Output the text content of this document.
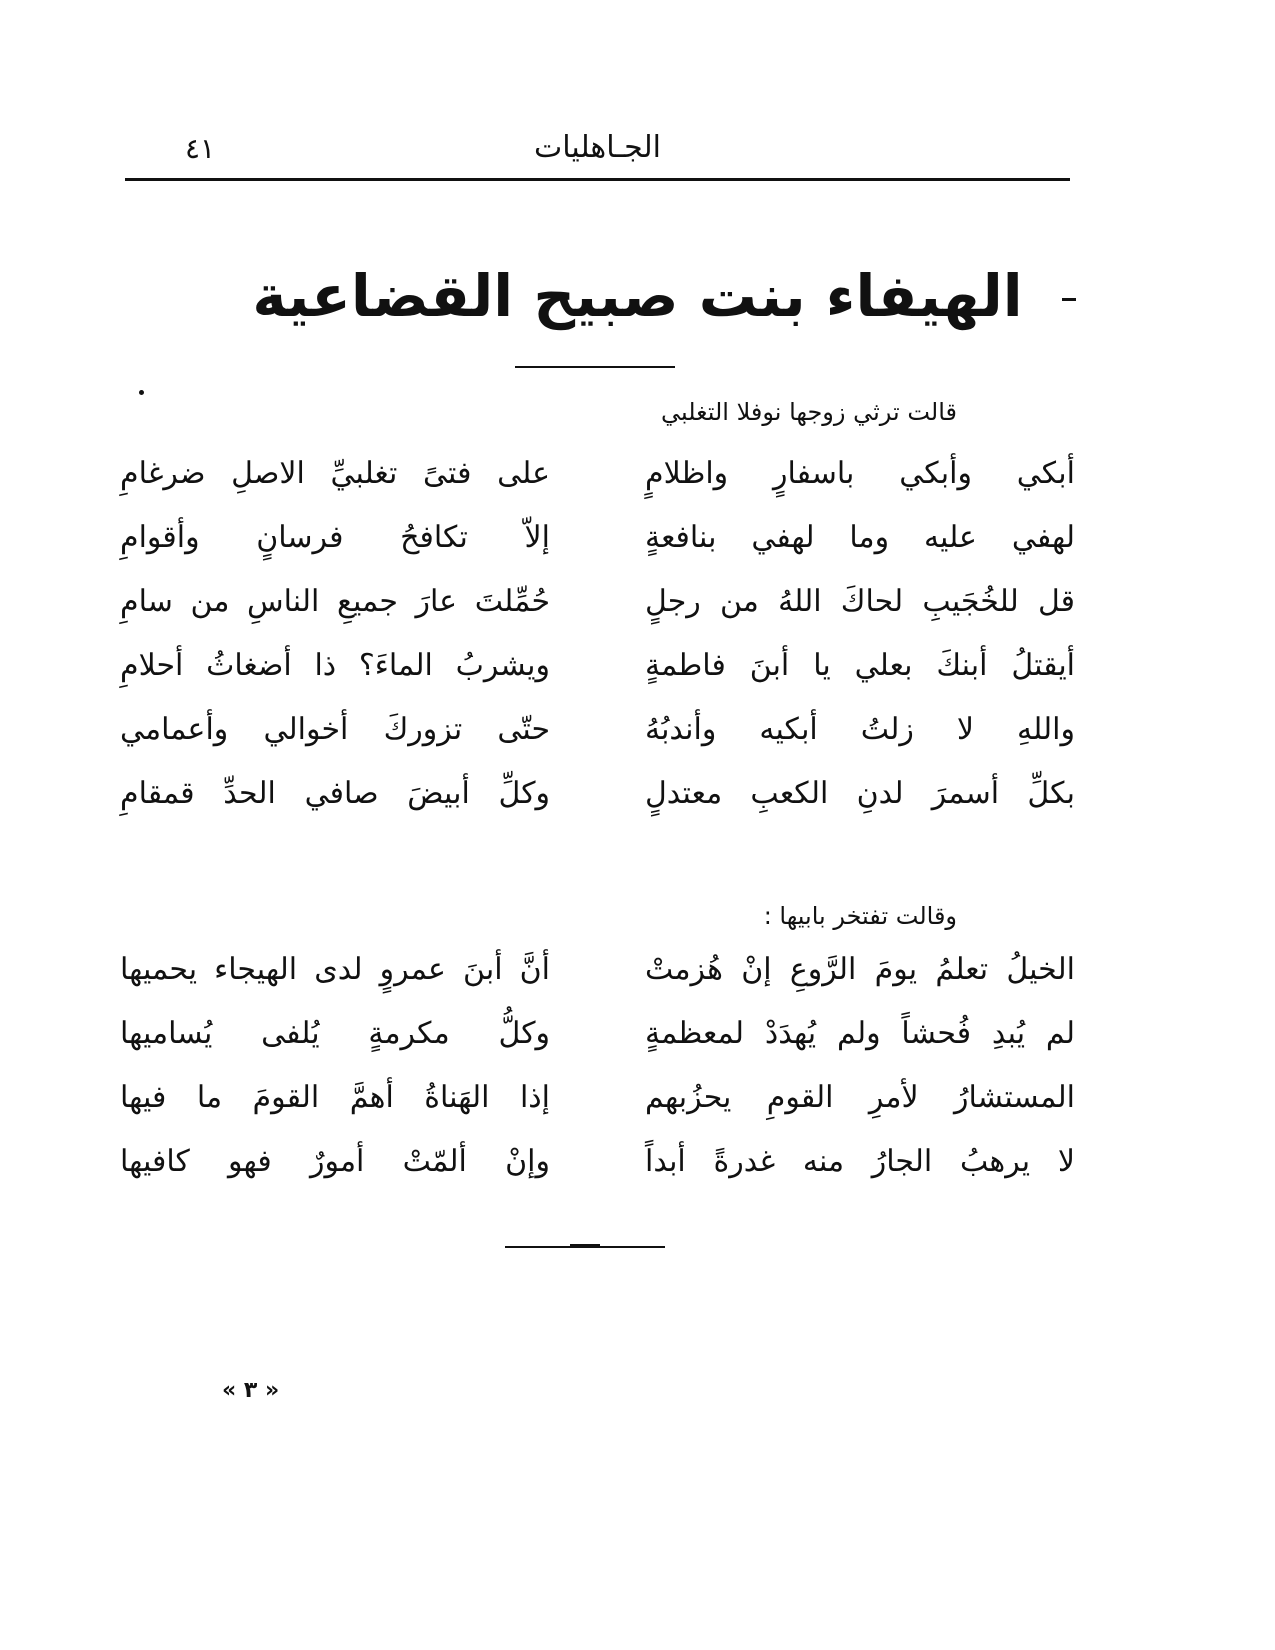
الجـاهليات
٤١
الهيفاء بنت صبيح القضاعية
قالت ترثي زوجها نوفلا التغلبي
أبكي وأبكي باسفارٍ واظلامٍ
على فتىً تغلبيِّ الاصلِ ضرغامِ
لهفي عليه وما لهفي بنافعةٍ
إلاّ تكافحُ فرسانٍ وأقوامِ
قل للخُجَيبِ لحاكَ اللهُ من رجلٍ
حُمِّلتَ عارَ جميعِ الناسِ من سامِ
أيقتلُ أبنكَ بعلي يا أبنَ فاطمةٍ
ويشربُ الماءَ؟ ذا أضغاثُ أحلامِ
واللهِ لا زلتُ أبكيه وأندبُهُ
حتّى تزوركَ أخوالي وأعمامي
بكلِّ أسمرَ لدنِ الكعبِ معتدلٍ
وكلِّ أبيضَ صافي الحدِّ قمقامِ
وقالت تفتخر بابيها :
الخيلُ تعلمُ يومَ الرَّوعِ إنْ هُزمتْ
أنَّ أبنَ عمروٍ لدى الهيجاء يحميها
لم يُبدِ فُحشاً ولم يُهدَدْ لمعظمةٍ
وكلُّ مكرمةٍ يُلفى يُساميها
المستشارُ لأمرِ القومِ يحزُبهم
إذا الهَناةُ أهمَّ القومَ ما فيها
لا يرهبُ الجارُ منه غدرةً أبداً
وإنْ ألمّتْ أمورٌ فهو كافيها
« ٣ »
